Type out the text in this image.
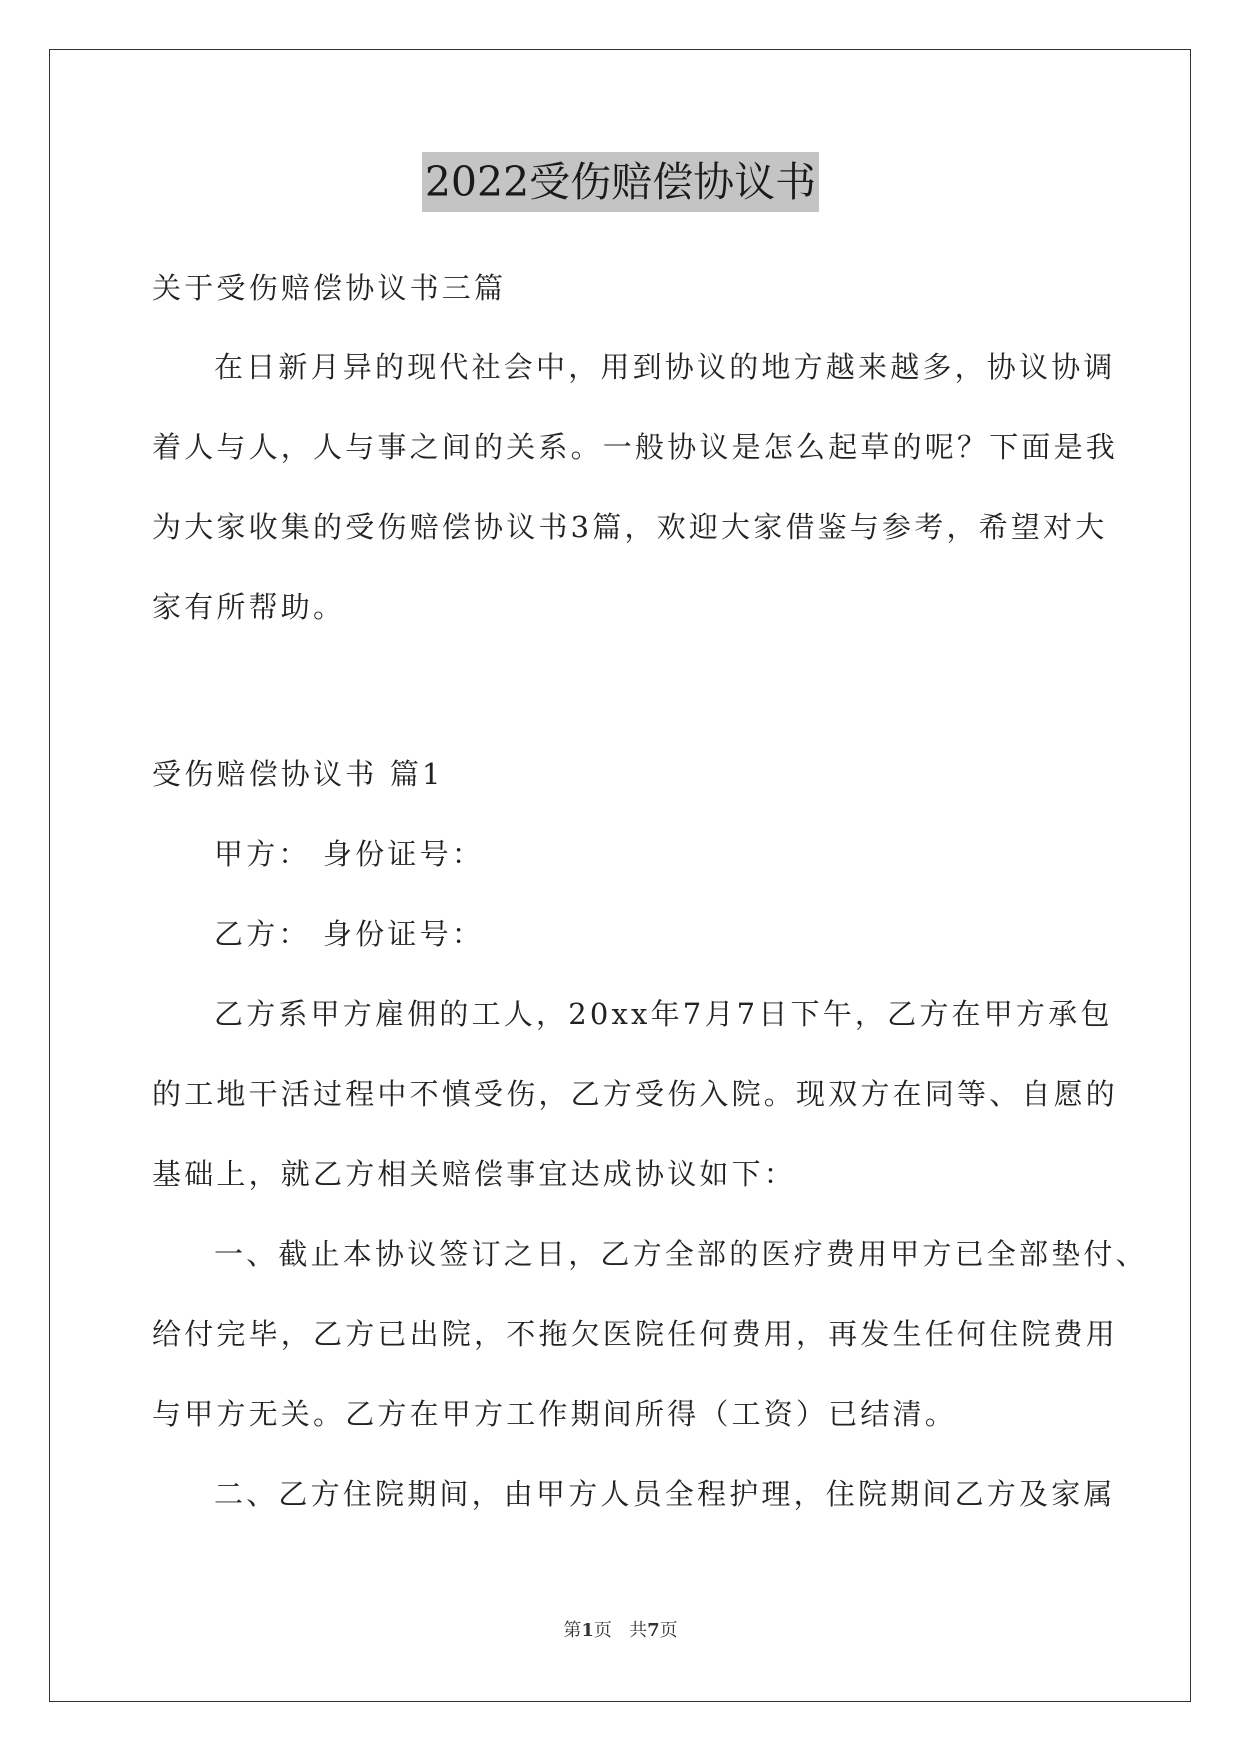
2022受伤赔偿协议书
关于受伤赔偿协议书三篇
在日新月异的现代社会中，用到协议的地方越来越多，协议协调
着人与人，人与事之间的关系。一般协议是怎么起草的呢？下面是我
为大家收集的受伤赔偿协议书3篇，欢迎大家借鉴与参考，希望对大
家有所帮助。
受伤赔偿协议书 篇1
甲方： 身份证号：
乙方： 身份证号：
乙方系甲方雇佣的工人，20xx年7月7日下午，乙方在甲方承包
的工地干活过程中不慎受伤，乙方受伤入院。现双方在同等、自愿的
基础上，就乙方相关赔偿事宜达成协议如下：
一、截止本协议签订之日，乙方全部的医疗费用甲方已全部垫付、
给付完毕，乙方已出院，不拖欠医院任何费用，再发生任何住院费用
与甲方无关。乙方在甲方工作期间所得（工资）已结清。
二、乙方住院期间，由甲方人员全程护理，住院期间乙方及家属
第1页 共7页
